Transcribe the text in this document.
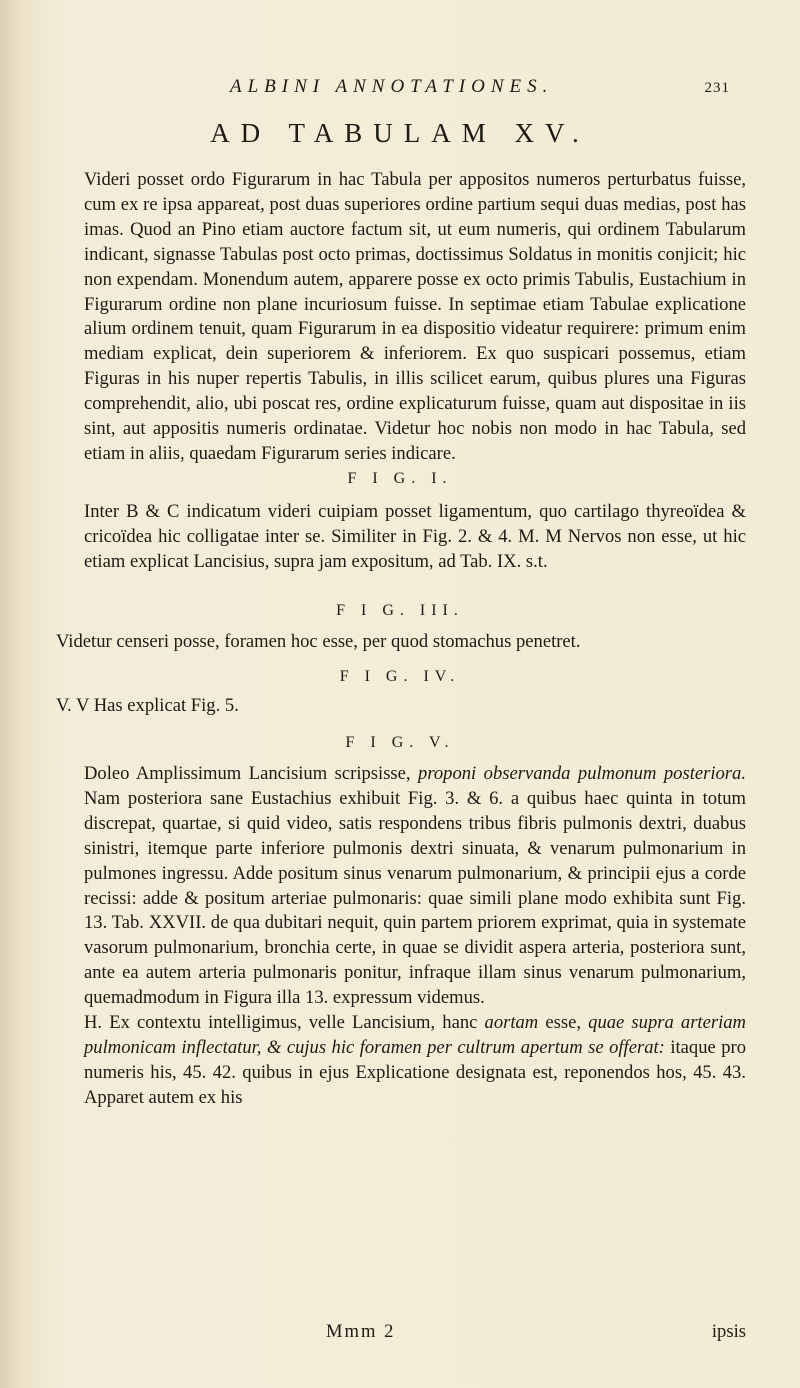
ALBINI ANNOTATIONES.	231
AD TABULAM XV.

Videri posset ordo Figurarum in hac Tabula per appositos numeros perturbatus fuisse, cum ex re ipsa appareat, post duas superiores ordine partium sequi duas medias, post has imas. Quod an Pino etiam auctore factum sit, ut eum numeris, qui ordinem Tabularum indicant, signasse Tabulas post octo primas, doctissimus Soldatus in monitis conjicit; hic non expendam. Monendum autem, apparere posse ex octo primis Tabulis, Eustachium in Figurarum ordine non plane incuriosum fuisse. In septimae etiam Tabulae explicatione alium ordinem tenuit, quam Figurarum in ea dispositio videatur requirere: primum enim mediam explicat, dein superiorem & inferiorem. Ex quo suspicari possemus, etiam Figuras in his nuper repertis Tabulis, in illis scilicet earum, quibus plures una Figuras comprehendit, alio, ubi poscat res, ordine explicaturum fuisse, quam aut dispositae in iis sint, aut appositis numeris ordinatae. Videtur hoc nobis non modo in hac Tabula, sed etiam in aliis, quaedam Figurarum series indicare.

F I G. I.

Inter B & C indicatum videri cuipiam posset ligamentum, quo cartilago thyreoïdea & cricoïdea hic colligatae inter se. Similiter in Fig. 2. & 4. M. M Nervos non esse, ut hic etiam explicat Lancisius, supra jam expositum, ad Tab. IX. s.t.

F I G. III.

Videtur censeri posse, foramen hoc esse, per quod stomachus penetret.

F I G. IV.

V. V Has explicat Fig. 5.

F I G. V.

Doleo Amplissimum Lancisium scripsisse, proponi observanda pulmonum posteriora. Nam posteriora sane Eustachius exhibuit Fig. 3. & 6. a quibus haec quinta in totum discrepat, quartae, si quid video, satis respondens tribus fibris pulmonis dextri, duabus sinistri, itemque parte inferiore pulmonis dextri sinuata, & venarum pulmonarium in pulmones ingressu. Adde positum sinus venarum pulmonarium, & principii ejus a corde recissi: adde & positum arteriae pulmonaris: quae simili plane modo exhibita sunt Fig. 13. Tab. XXVII. de qua dubitari nequit, quin partem priorem exprimat, quia in systemate vasorum pulmonarium, bronchia certe, in quae se dividit aspera arteria, posteriora sunt, ante ea autem arteria pulmonaris ponitur, infraque illam sinus venarum pulmonarium, quemadmodum in Figura illa 13. expressum videmus.

H. Ex contextu intelligimus, velle Lancisium, hanc aortam esse, quae supra arteriam pulmonicam inflectatur, & cujus hic foramen per cultrum apertum se offerat: itaque pro numeris his, 45. 42. quibus in ejus Explicatione designata est, reponendos hos, 45. 43. Apparet autem ex his

Mmm 2	ipsis
